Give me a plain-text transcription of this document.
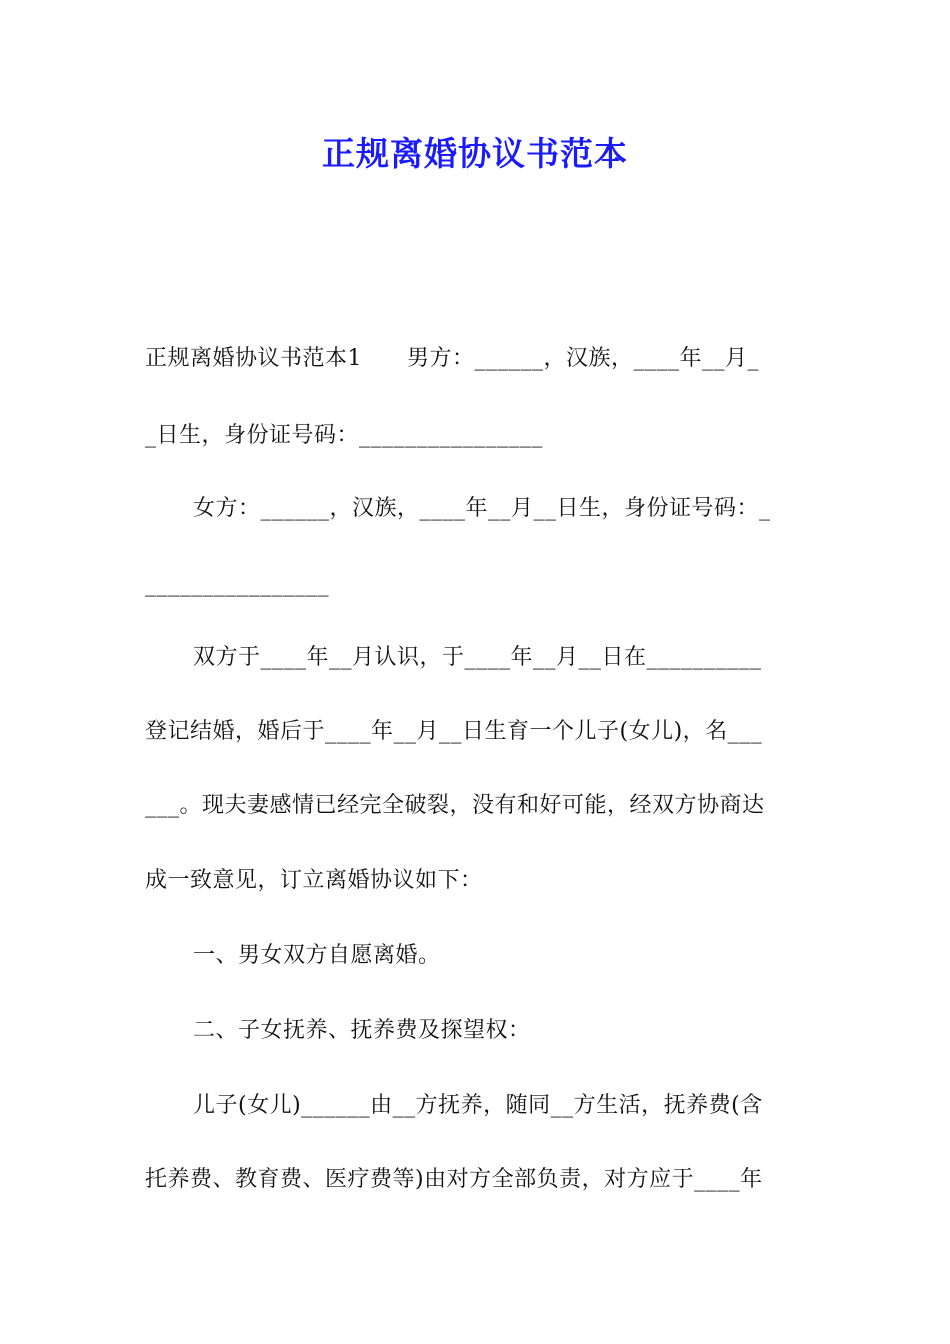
正规离婚协议书范本
正规离婚协议书范本1　　男方：______，汉族，____年__月_
_日生，身份证号码：________________
女方：______，汉族，____年__月__日生，身份证号码：_
________________
双方于____年__月认识，于____年__月__日在__________
登记结婚，婚后于____年__月__日生育一个儿子(女儿)，名___
___。现夫妻感情已经完全破裂，没有和好可能，经双方协商达
成一致意见，订立离婚协议如下：
一、男女双方自愿离婚。
二、子女抚养、抚养费及探望权：
儿子(女儿)______由__方抚养，随同__方生活，抚养费(含
托养费、教育费、医疗费等)由对方全部负责，对方应于____年
